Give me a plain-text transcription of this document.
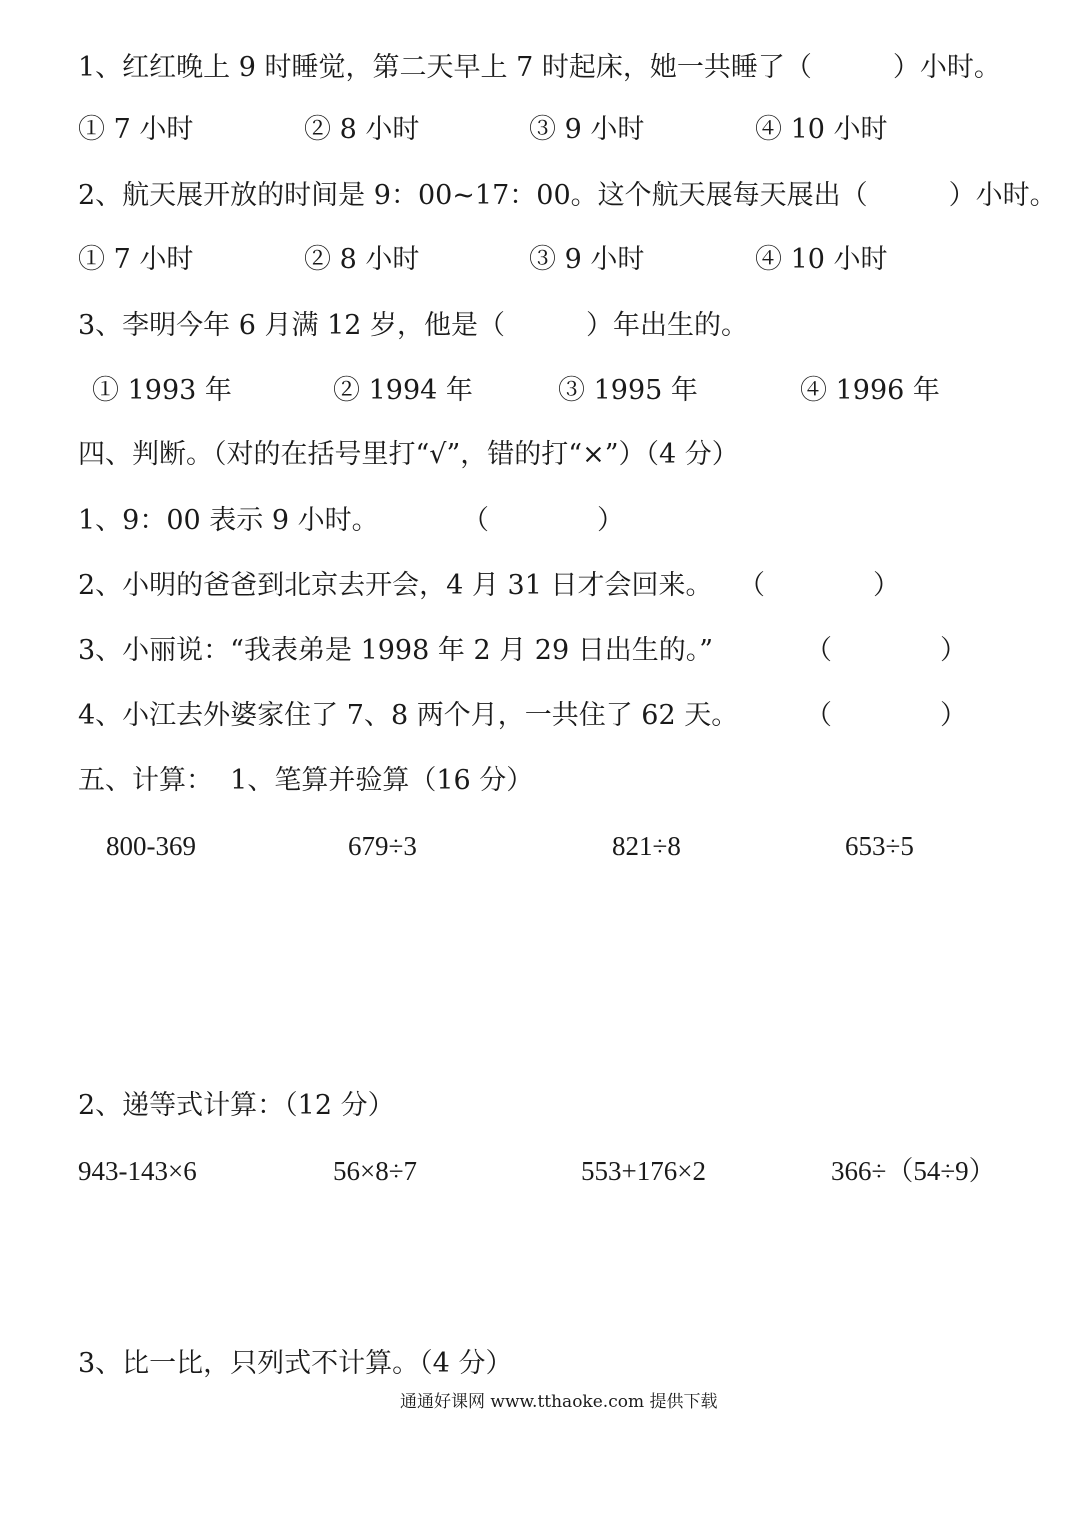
1、红红晚上 9 时睡觉，第二天早上 7 时起床，她一共睡了（　　　）小时。
① 7 小时	② 8 小时	③ 9 小时	④ 10 小时
2、航天展开放的时间是 9：00~17：00。这个航天展每天展出（　　　）小时。
① 7 小时	② 8 小时	③ 9 小时	④ 10 小时
3、李明今年 6 月满 12 岁，他是（　　　）年出生的。
① 1993 年	② 1994 年	③ 1995 年	④ 1996 年
四、判断。（对的在括号里打“√”，错的打“×”）（4 分）
1、9：00 表示 9 小时。	（　　　　）
2、小明的爸爸到北京去开会，4 月 31 日才会回来。 （　　　　）
3、小丽说：“我表弟是 1998 年 2 月 29 日出生的。”	（　　　　）
4、小江去外婆家住了 7、8 两个月，一共住了 62 天。 （　　　　）
五、计算：  1、笔算并验算（16 分）
800-369	679÷3	821÷8	653÷5
2、递等式计算：（12 分）
943-143×6	56×8÷7	553+176×2	366÷（54÷9）
3、比一比，只列式不计算。（4 分）
通通好课网 www.tthaoke.com 提供下载
